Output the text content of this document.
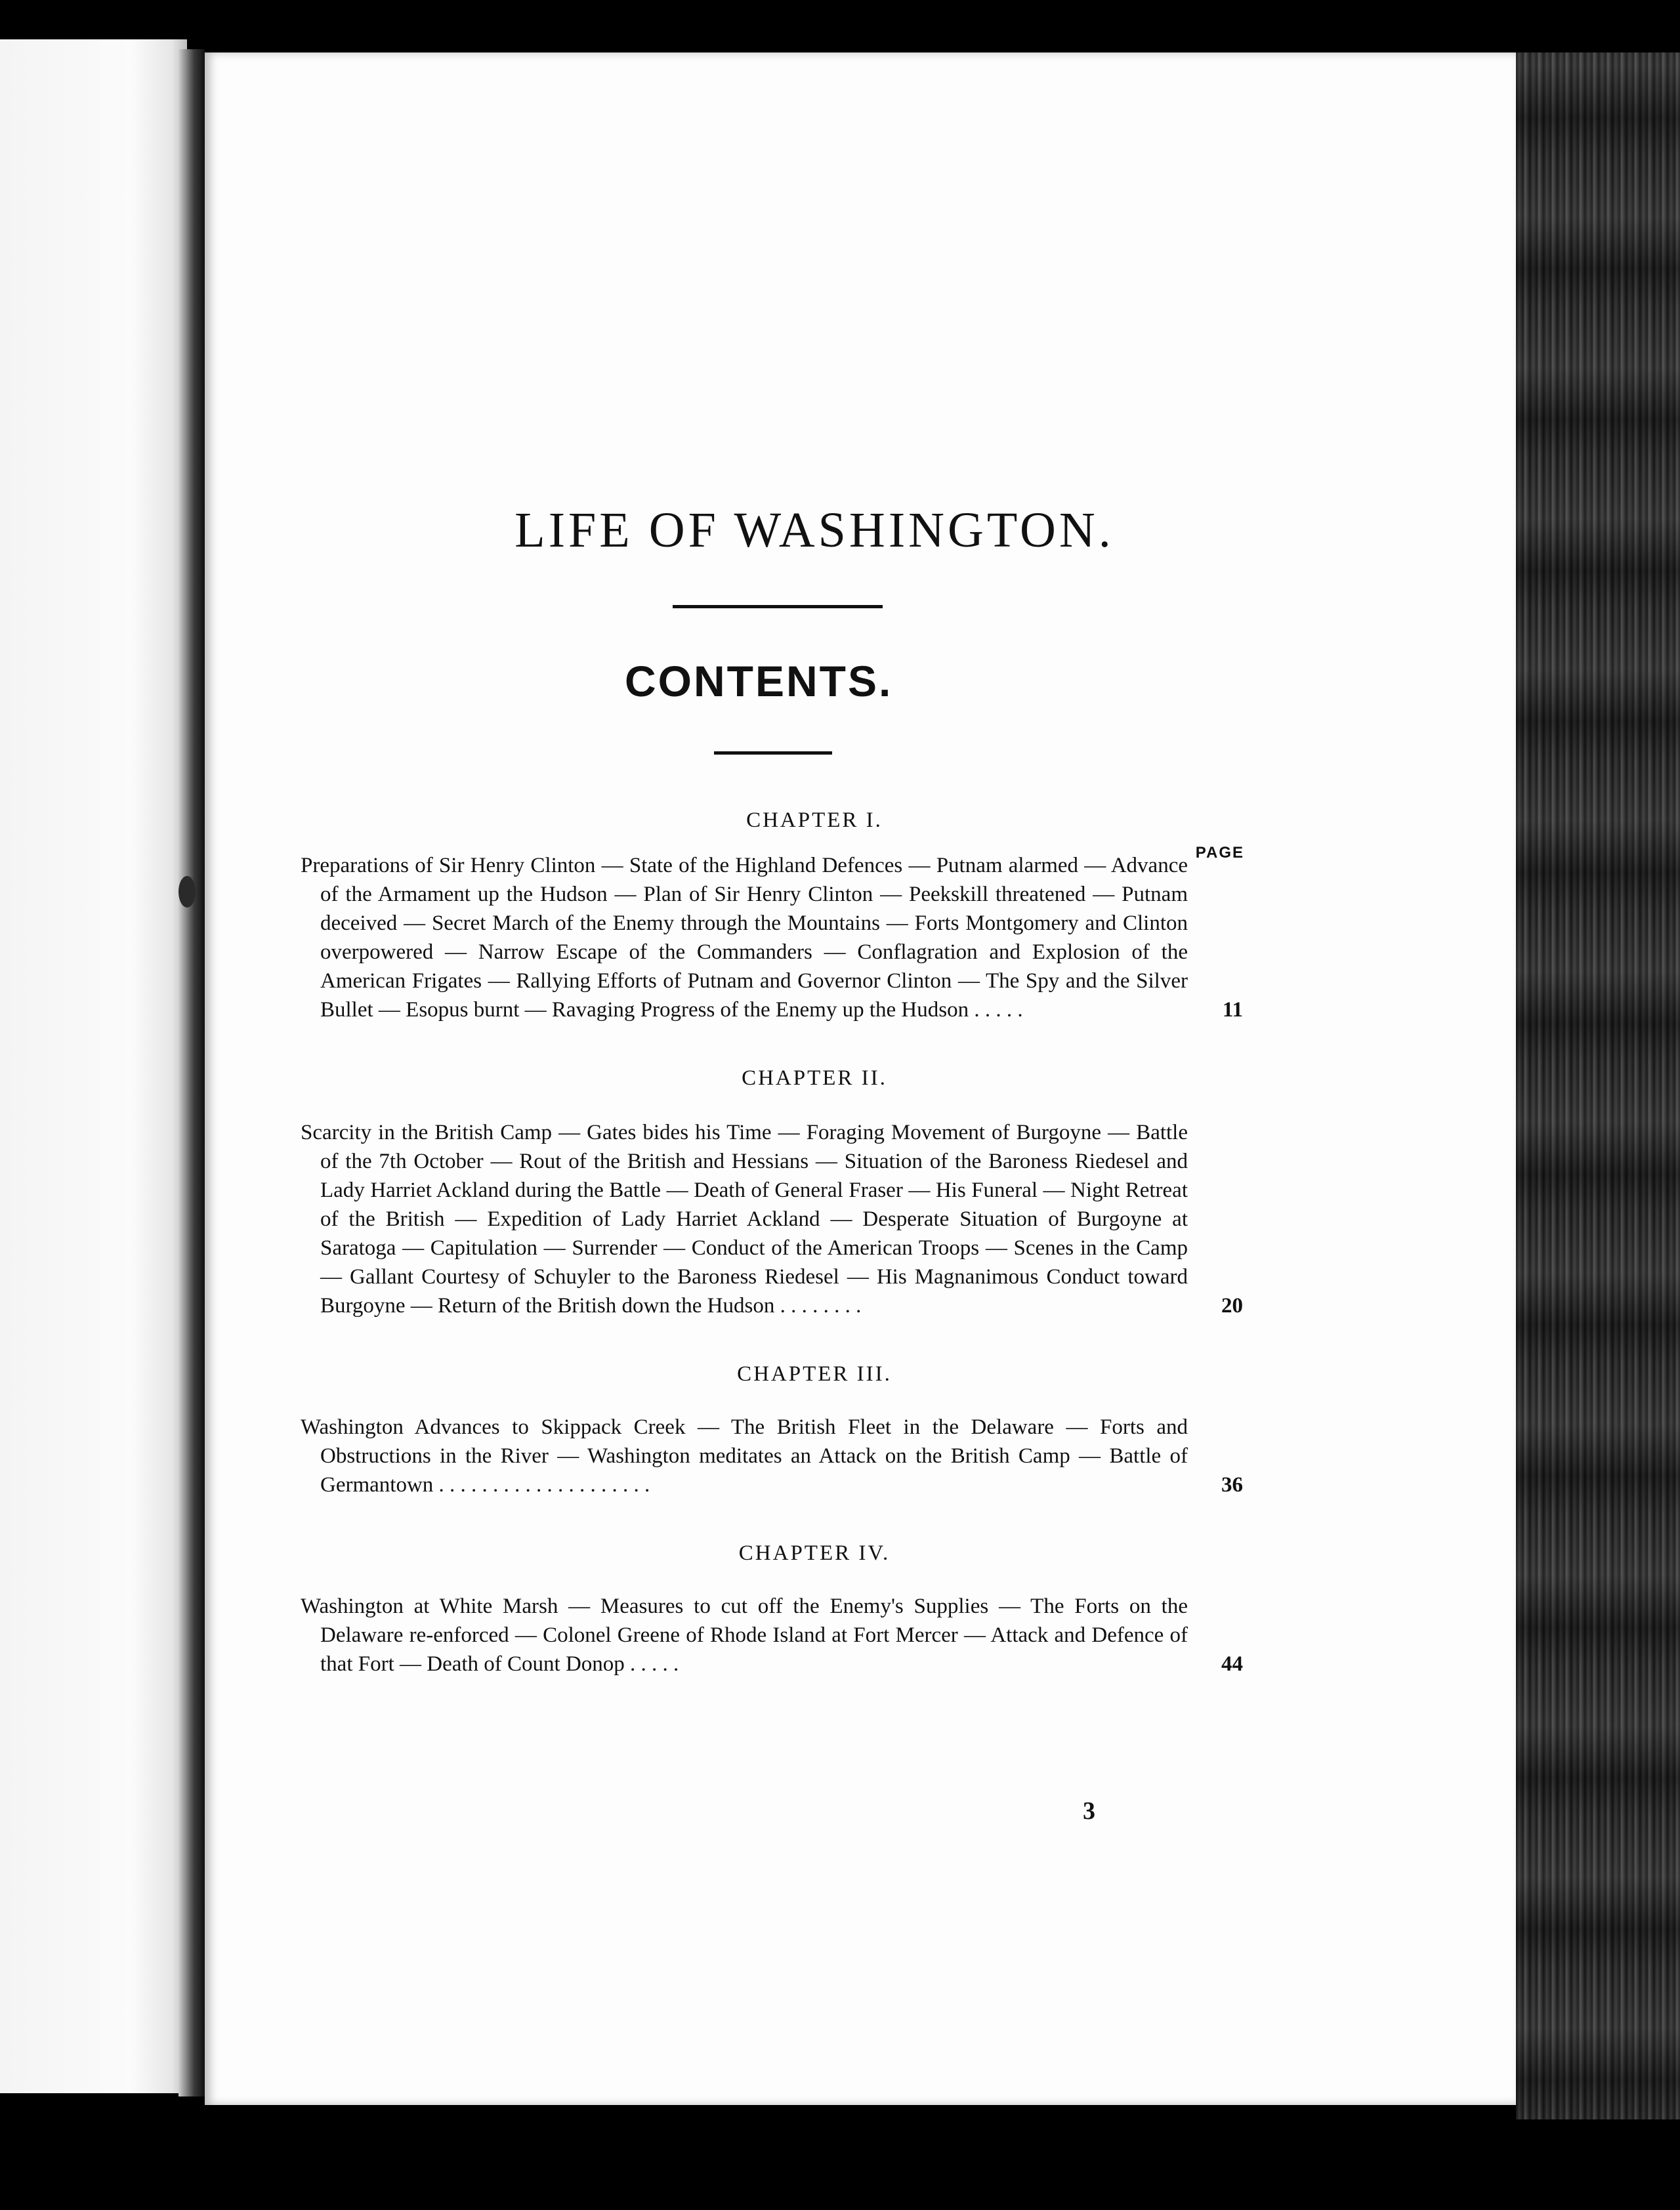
LIFE OF WASHINGTON.
CONTENTS.
CHAPTER I.
PAGE
Preparations of Sir Henry Clinton — State of the Highland Defences — Putnam alarmed — Advance of the Armament up the Hudson — Plan of Sir Henry Clinton — Peekskill threatened — Putnam deceived — Secret March of the Enemy through the Mountains — Forts Montgomery and Clinton overpowered — Narrow Escape of the Commanders — Conflagration and Explosion of the American Frigates — Rallying Efforts of Putnam and Governor Clinton — The Spy and the Silver Bullet — Esopus burnt — Ravaging Progress of the Enemy up the Hudson . . . . .	11
CHAPTER II.
Scarcity in the British Camp — Gates bides his Time — Foraging Movement of Burgoyne — Battle of the 7th October — Rout of the British and Hessians — Situation of the Baroness Riedesel and Lady Harriet Ackland during the Battle — Death of General Fraser — His Funeral — Night Retreat of the British — Expedition of Lady Harriet Ackland — Desperate Situation of Burgoyne at Saratoga — Capitulation — Surrender — Conduct of the American Troops — Scenes in the Camp — Gallant Courtesy of Schuyler to the Baroness Riedesel — His Magnanimous Conduct toward Burgoyne — Return of the British down the Hudson . . . . . . . .	20
CHAPTER III.
Washington Advances to Skippack Creek — The British Fleet in the Delaware — Forts and Obstructions in the River — Washington meditates an Attack on the British Camp — Battle of Germantown . . . . . . . . . . . . . . . . . . . .	36
CHAPTER IV.
Washington at White Marsh — Measures to cut off the Enemy's Supplies — The Forts on the Delaware re-enforced — Colonel Greene of Rhode Island at Fort Mercer — Attack and Defence of that Fort — Death of Count Donop . . . . .	44
3
